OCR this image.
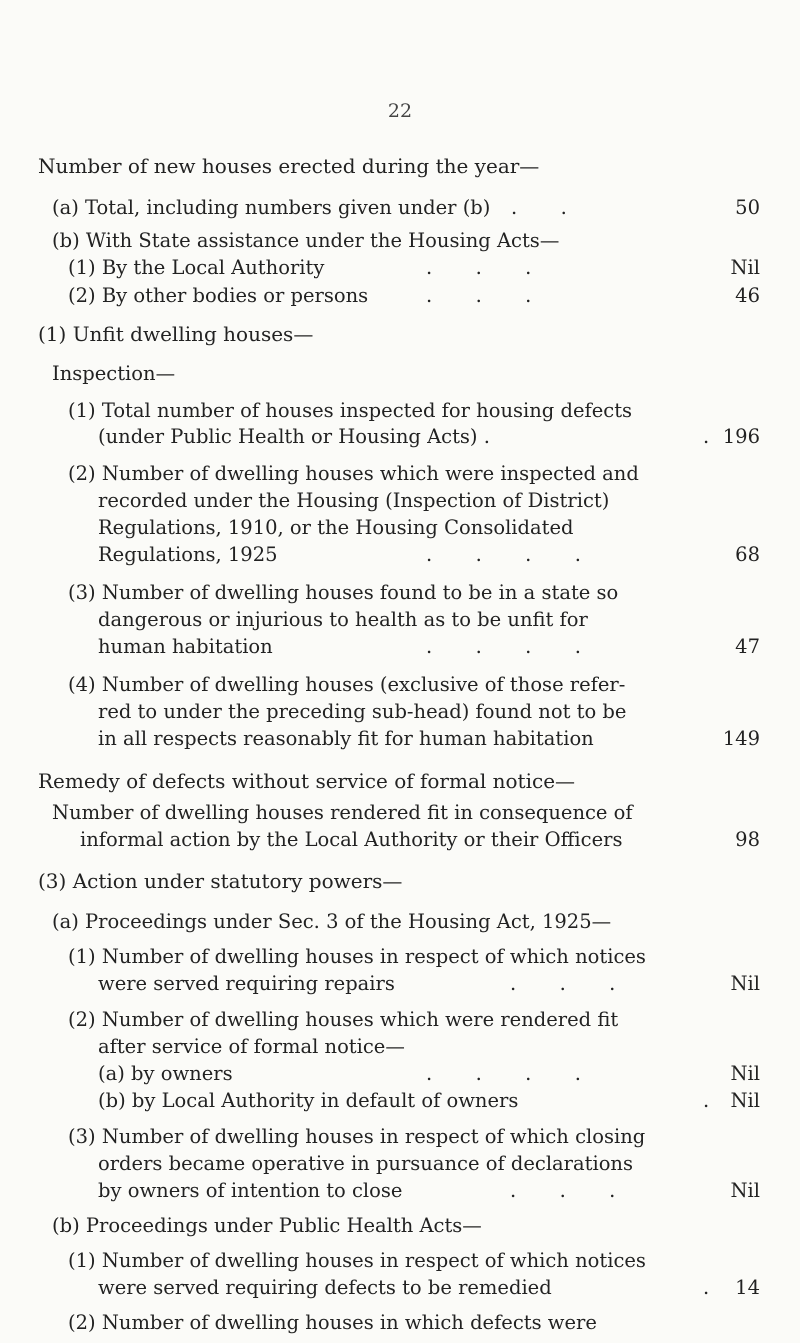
22
Number of new houses erected during the year—
(a) Total, including numbers given under (b) .       .	50
(b) With State assistance under the Housing Acts—
(1) By the Local Authority	.       .       .	Nil
(2) By other bodies or persons	.       .       .	46
(1) Unfit dwelling houses—
Inspection—
(1) Total number of houses inspected for housing defects
(under Public Health or Housing Acts) .	. 196
(2) Number of dwelling houses which were inspected and
recorded under the Housing (Inspection of District)
Regulations, 1910, or the Housing Consolidated
Regulations, 1925	.       .       .       .	68
(3) Number of dwelling houses found to be in a state so
dangerous or injurious to health as to be unfit for
human habitation	.       .       .       .	47
(4) Number of dwelling houses (exclusive of those refer-
red to under the preceding sub-head) found not to be
in all respects reasonably fit for human habitation	149
Remedy of defects without service of formal notice—
Number of dwelling houses rendered fit in consequence of
informal action by the Local Authority or their Officers	98
(3) Action under statutory powers—
(a) Proceedings under Sec. 3 of the Housing Act, 1925—
(1) Number of dwelling houses in respect of which notices
were served requiring repairs	.       .       .	Nil
(2) Number of dwelling houses which were rendered fit
after service of formal notice—
(a) by owners	.       .       .       .	Nil
(b) by Local Authority in default of owners	. Nil
(3) Number of dwelling houses in respect of which closing
orders became operative in pursuance of declarations
by owners of intention to close	.       .       .	Nil
(b) Proceedings under Public Health Acts—
(1) Number of dwelling houses in respect of which notices
were served requiring defects to be remedied	. 14
(2) Number of dwelling houses in which defects were
